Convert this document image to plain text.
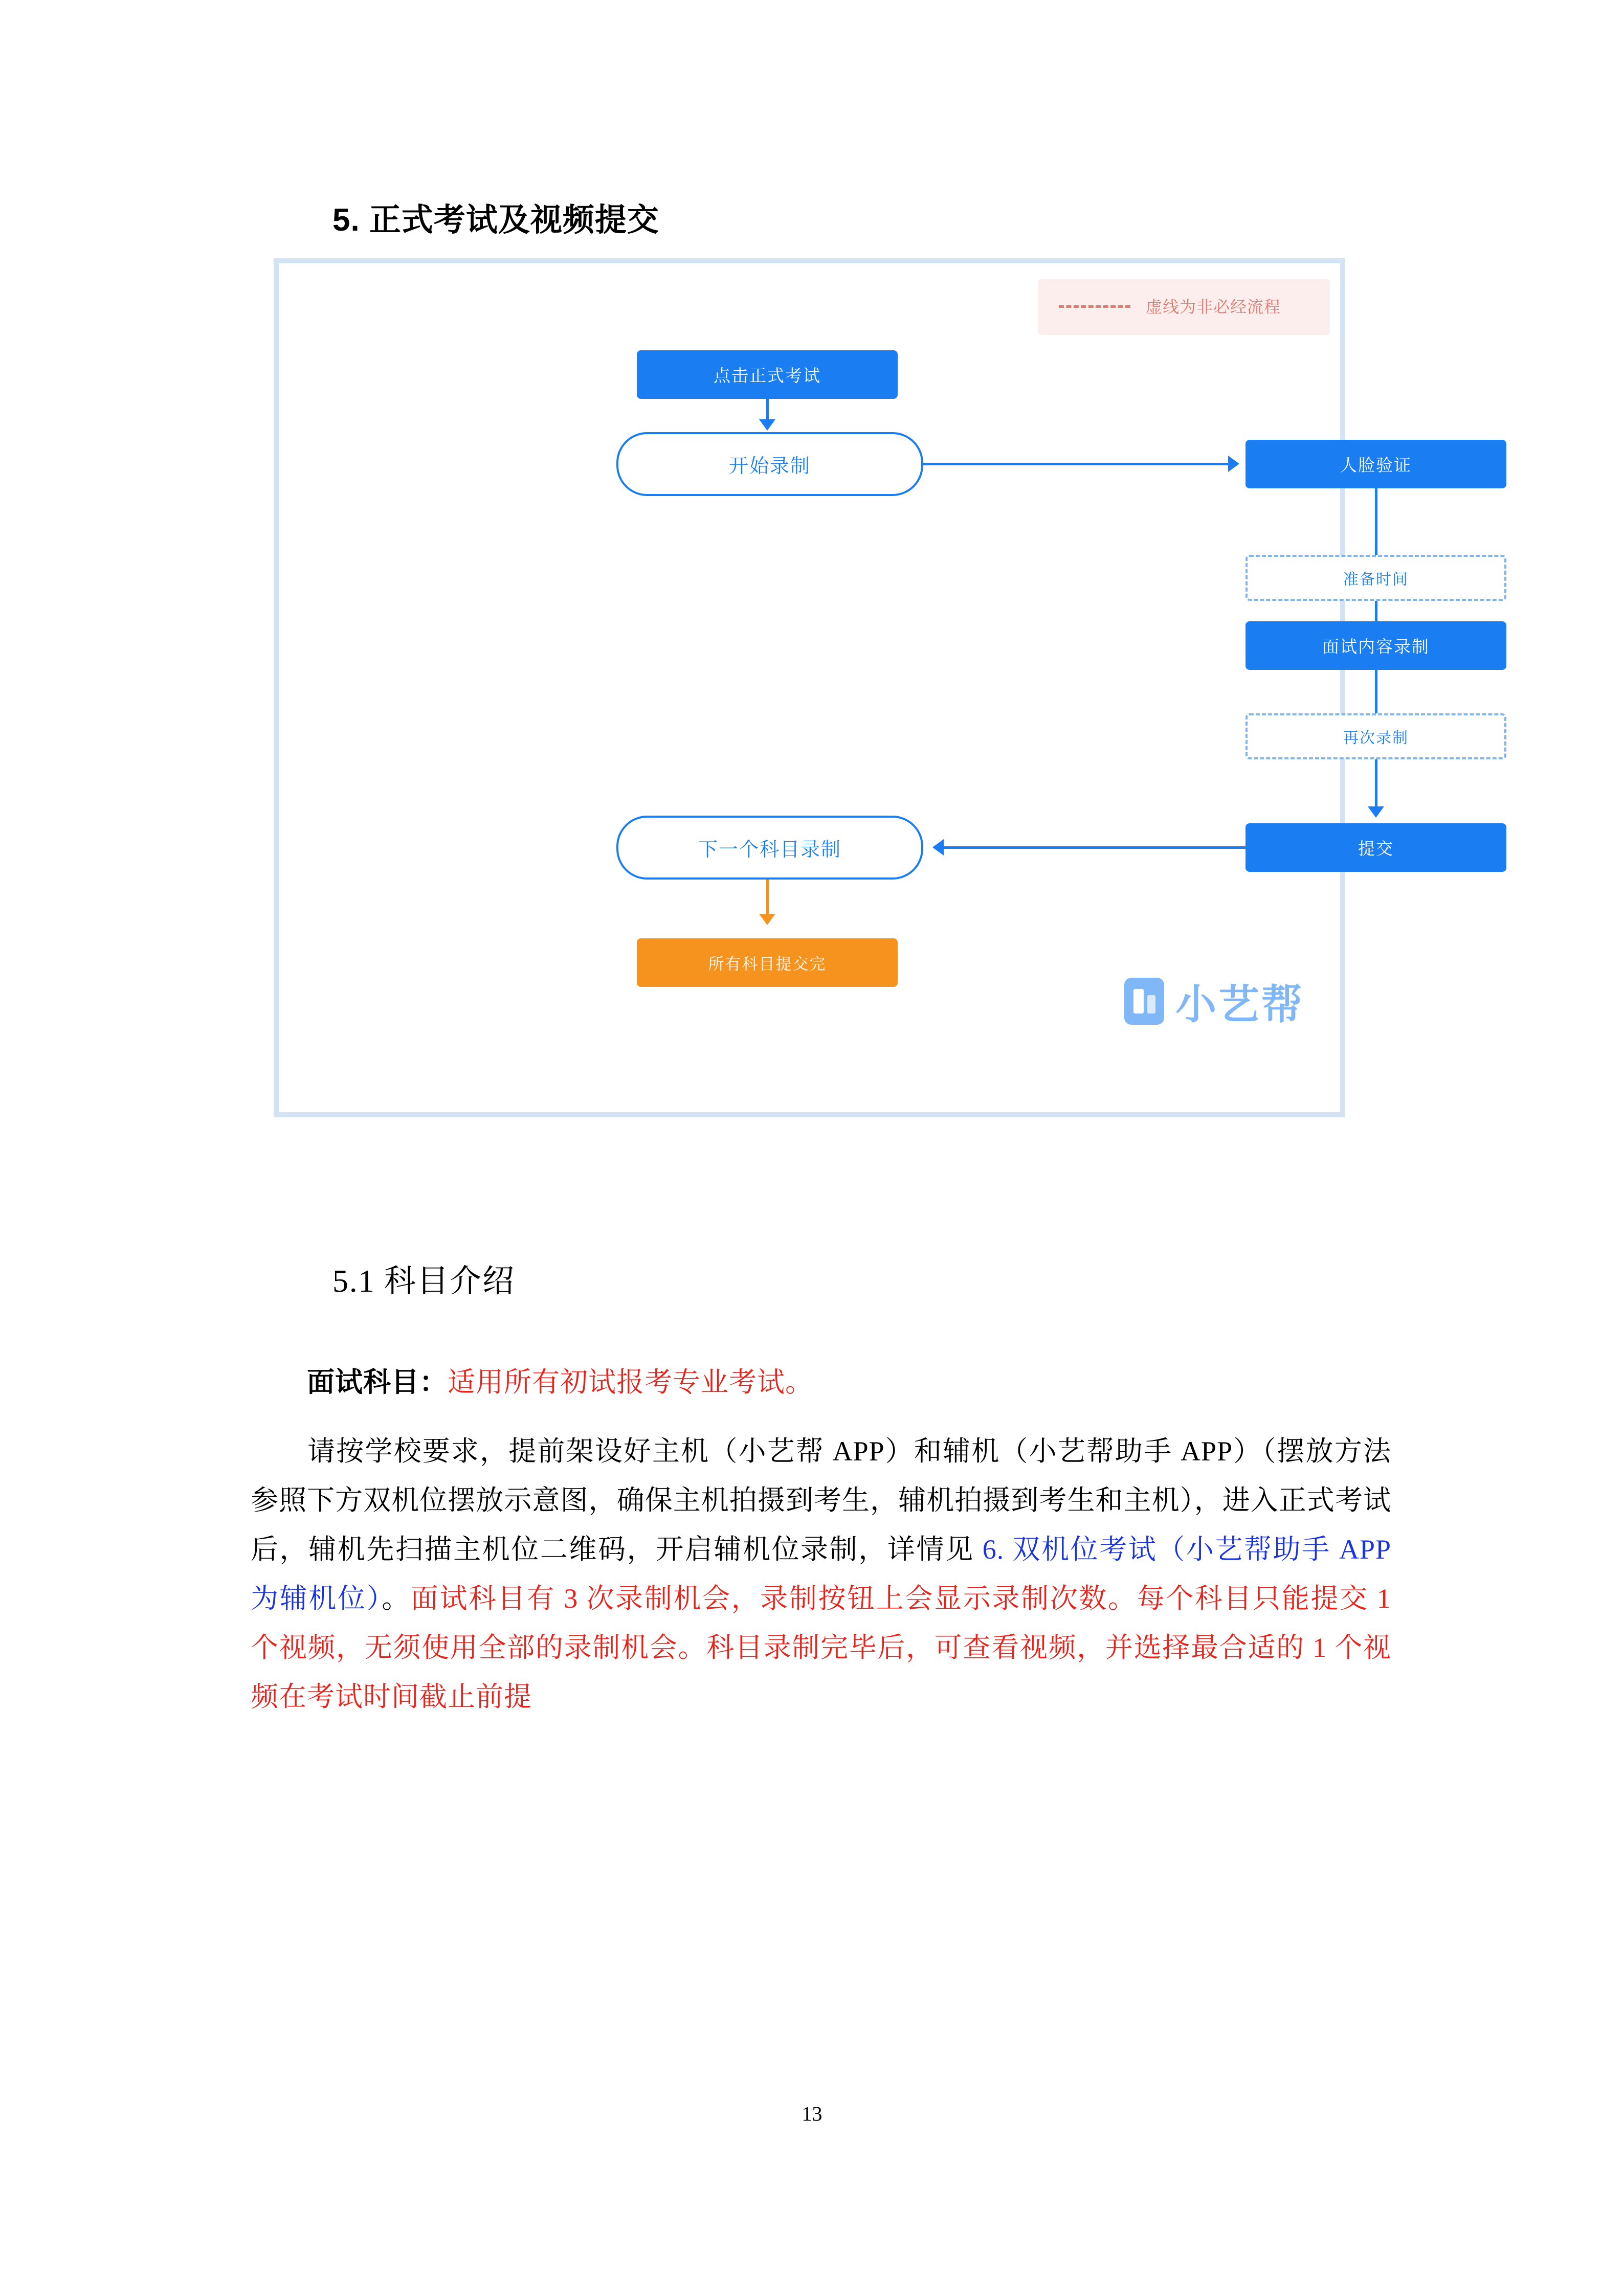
5. 正式考试及视频提交
虚线为非必经流程
点击正式考试
开始录制	人脸验证
准备时间
面试内容录制
再次录制
提交
下一个科目录制
所有科目提交完
小艺帮
5.1 科目介绍
面试科目：适用所有初试报考专业考试。
请按学校要求，提前架设好主机（小艺帮 APP）和辅机（小艺帮助手 APP）（摆放方法参照下方双机位摆放示意图，确保主机拍摄到考生，辅机拍摄到考生和主机），进入正式考试后，辅机先扫描主机位二维码，开启辅机位录制，详情见 6. 双机位考试（小艺帮助手 APP 为辅机位）。面试科目有 3 次录制机会，录制按钮上会显示录制次数。每个科目只能提交 1 个视频，无须使用全部的录制机会。科目录制完毕后，可查看视频，并选择最合适的 1 个视频在考试时间截止前提
13
